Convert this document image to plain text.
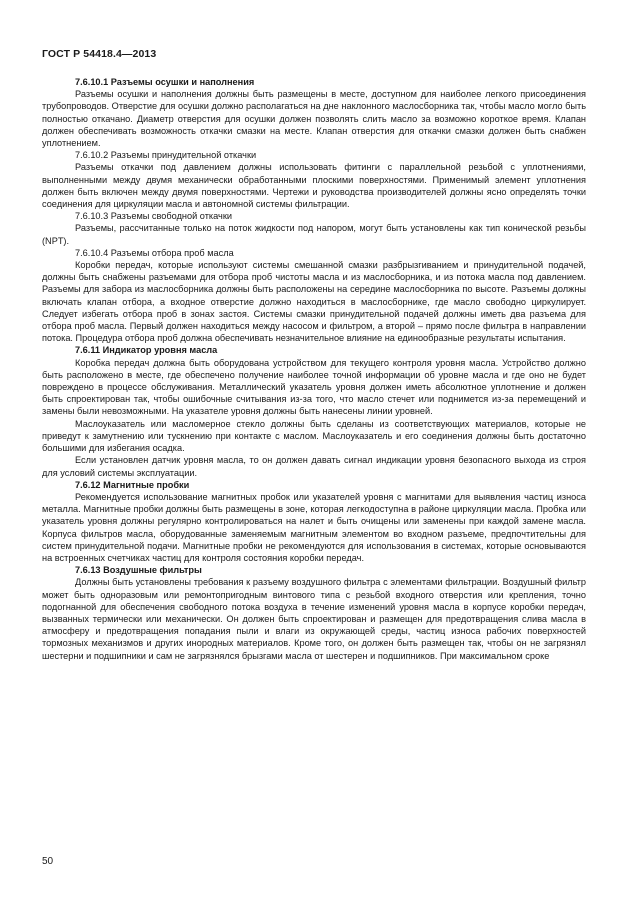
ГОСТ Р 54418.4—2013

7.6.10.1 Разъемы осушки и наполнения

Разъемы осушки и наполнения должны быть размещены в месте, доступном для наиболее легкого присоединения трубопроводов. Отверстие для осушки должно располагаться на дне наклонного маслосборника так, чтобы масло могло быть полностью откачано. Диаметр отверстия для осушки должен позволять слить масло за возможно короткое время. Клапан должен обеспечивать возможность откачки смазки на месте. Клапан отверстия для откачки смазки должен быть снабжен уплотнением.

7.6.10.2 Разъемы принудительной откачки

Разъемы откачки под давлением должны использовать фитинги с параллельной резьбой с уплотнениями, выполненными между двумя механически обработанными плоскими поверхностями. Применимый элемент уплотнения должен быть включен между двумя поверхностями. Чертежи и руководства производителей должны ясно определять точки соединения для циркуляции масла и автономной системы фильтрации.

7.6.10.3 Разъемы свободной откачки

Разъемы, рассчитанные только на поток жидкости под напором, могут быть установлены как тип конической резьбы (NPT).

7.6.10.4 Разъемы отбора проб масла

Коробки передач, которые используют системы смешанной смазки разбрызгиванием и принудительной подачей, должны быть снабжены разъемами для отбора проб чистоты масла и из маслосборника, и из потока масла под давлением. Разъемы для забора из маслосборника должны быть расположены на середине маслосборника по высоте. Разъемы должны включать клапан отбора, а входное отверстие должно находиться в маслосборнике, где масло свободно циркулирует. Следует избегать отбора проб в зонах застоя. Системы смазки принудительной подачей должны иметь два разъема для отбора проб масла. Первый должен находиться между насосом и фильтром, а второй – прямо после фильтра в направлении потока. Процедура отбора проб должна обеспечивать незначительное влияние на единообразные результаты испытания.

7.6.11 Индикатор уровня масла

Коробка передач должна быть оборудована устройством для текущего контроля уровня масла. Устройство должно быть расположено в месте, где обеспечено получение наиболее точной информации об уровне масла и где оно не будет повреждено в процессе обслуживания. Металлический указатель уровня должен иметь абсолютное уплотнение и должен быть спроектирован так, чтобы ошибочные считывания из-за того, что масло стечет или поднимется из-за перемещений и замены были невозможными. На указателе уровня должны быть нанесены линии уровней.

Маслоуказатель или масломерное стекло должны быть сделаны из соответствующих материалов, которые не приведут к замутнению или тускнению при контакте с маслом. Маслоуказатель и его соединения должны быть достаточно большими для избегания осадка.

Если установлен датчик уровня масла, то он должен давать сигнал индикации уровня безопасного выхода из строя для условий системы эксплуатации.

7.6.12 Магнитные пробки

Рекомендуется использование магнитных пробок или указателей уровня с магнитами для выявления частиц износа металла. Магнитные пробки должны быть размещены в зоне, которая легкодоступна в районе циркуляции масла. Пробка или указатель уровня должны регулярно контролироваться на налет и быть очищены или заменены при каждой замене масла. Корпуса фильтров масла, оборудованные заменяемым магнитным элементом во входном разъеме, предпочтительны для систем принудительной подачи. Магнитные пробки не рекомендуются для использования в системах, которые основываются на встроенных счетчиках частиц для контроля состояния коробки передач.

7.6.13 Воздушные фильтры

Должны быть установлены требования к разъему воздушного фильтра с элементами фильтрации. Воздушный фильтр может быть одноразовым или ремонтопригодным винтового типа с резьбой входного отверстия или крепления, точно подогнанной для обеспечения свободного потока воздуха в течение изменений уровня масла в корпусе коробки передач, вызванных термически или механически. Он должен быть спроектирован и размещен для предотвращения слива масла в атмосферу и предотвращения попадания пыли и влаги из окружающей среды, частиц износа рабочих поверхностей тормозных механизмов и других инородных материалов. Кроме того, он должен быть размещен так, чтобы он не загрязнял шестерни и подшипники и сам не загрязнялся брызгами масла от шестерен и подшипников. При максимальном сроке

50
